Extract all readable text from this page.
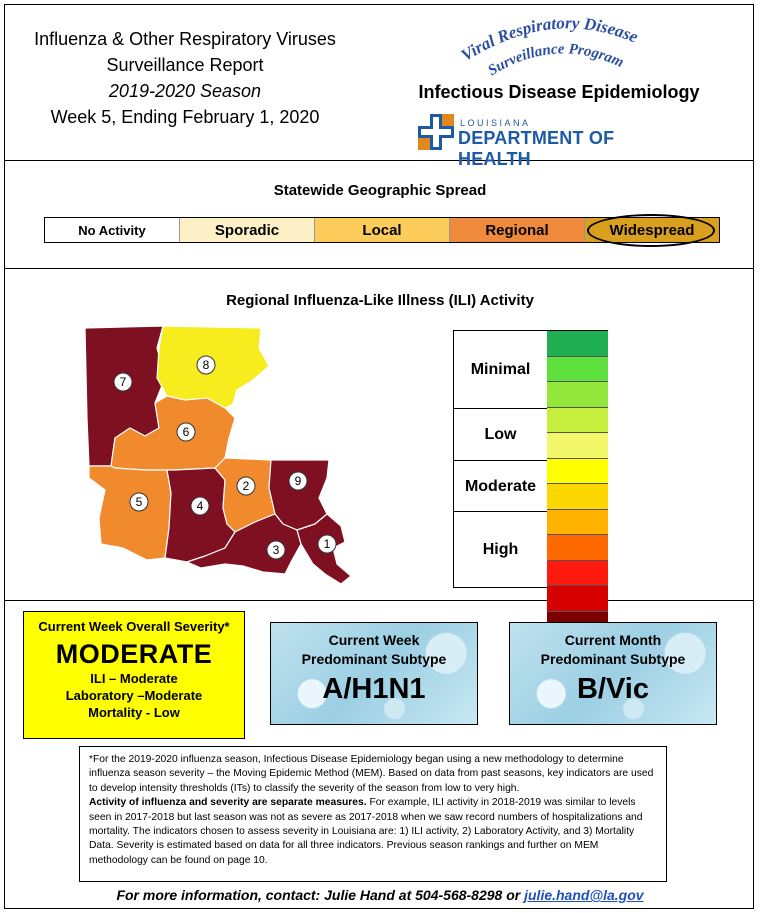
Influenza & Other Respiratory Viruses
Surveillance Report
2019-2020 Season
Week 5, Ending February 1, 2020
Viral Respiratory Disease
Surveillance Program
Infectious Disease Epidemiology
LOUISIANA
DEPARTMENT OF HEALTH
Statewide Geographic Spread
No Activity	Sporadic	Local	Regional	Widespread
Regional Influenza-Like Illness (ILI) Activity
7
8
6
5	4
2	9
3	1
Minimal
Low
Moderate
High
Current Week Overall Severity*
MODERATE
ILI – Moderate
Laboratory –Moderate
Mortality - Low
Current Week
Predominant Subtype
A/H1N1
Current Month
Predominant Subtype
B/Vic
*For the 2019-2020 influenza season, Infectious Disease Epidemiology began using a new methodology to determine influenza season severity – the Moving Epidemic Method (MEM). Based on data from past seasons, key indicators are used to develop intensity thresholds (ITs) to classify the severity of the season from low to very high.
Activity of influenza and severity are separate measures. For example, ILI activity in 2018-2019 was similar to levels seen in 2017-2018 but last season was not as severe as 2017-2018 when we saw record numbers of hospitalizations and mortality. The indicators chosen to assess severity in Louisiana are: 1) ILI activity, 2) Laboratory Activity, and 3) Mortality Data. Severity is estimated based on data for all three indicators. Previous season rankings and further on MEM methodology can be found on page 10.
For more information, contact: Julie Hand at 504-568-8298 or julie.hand@la.gov
